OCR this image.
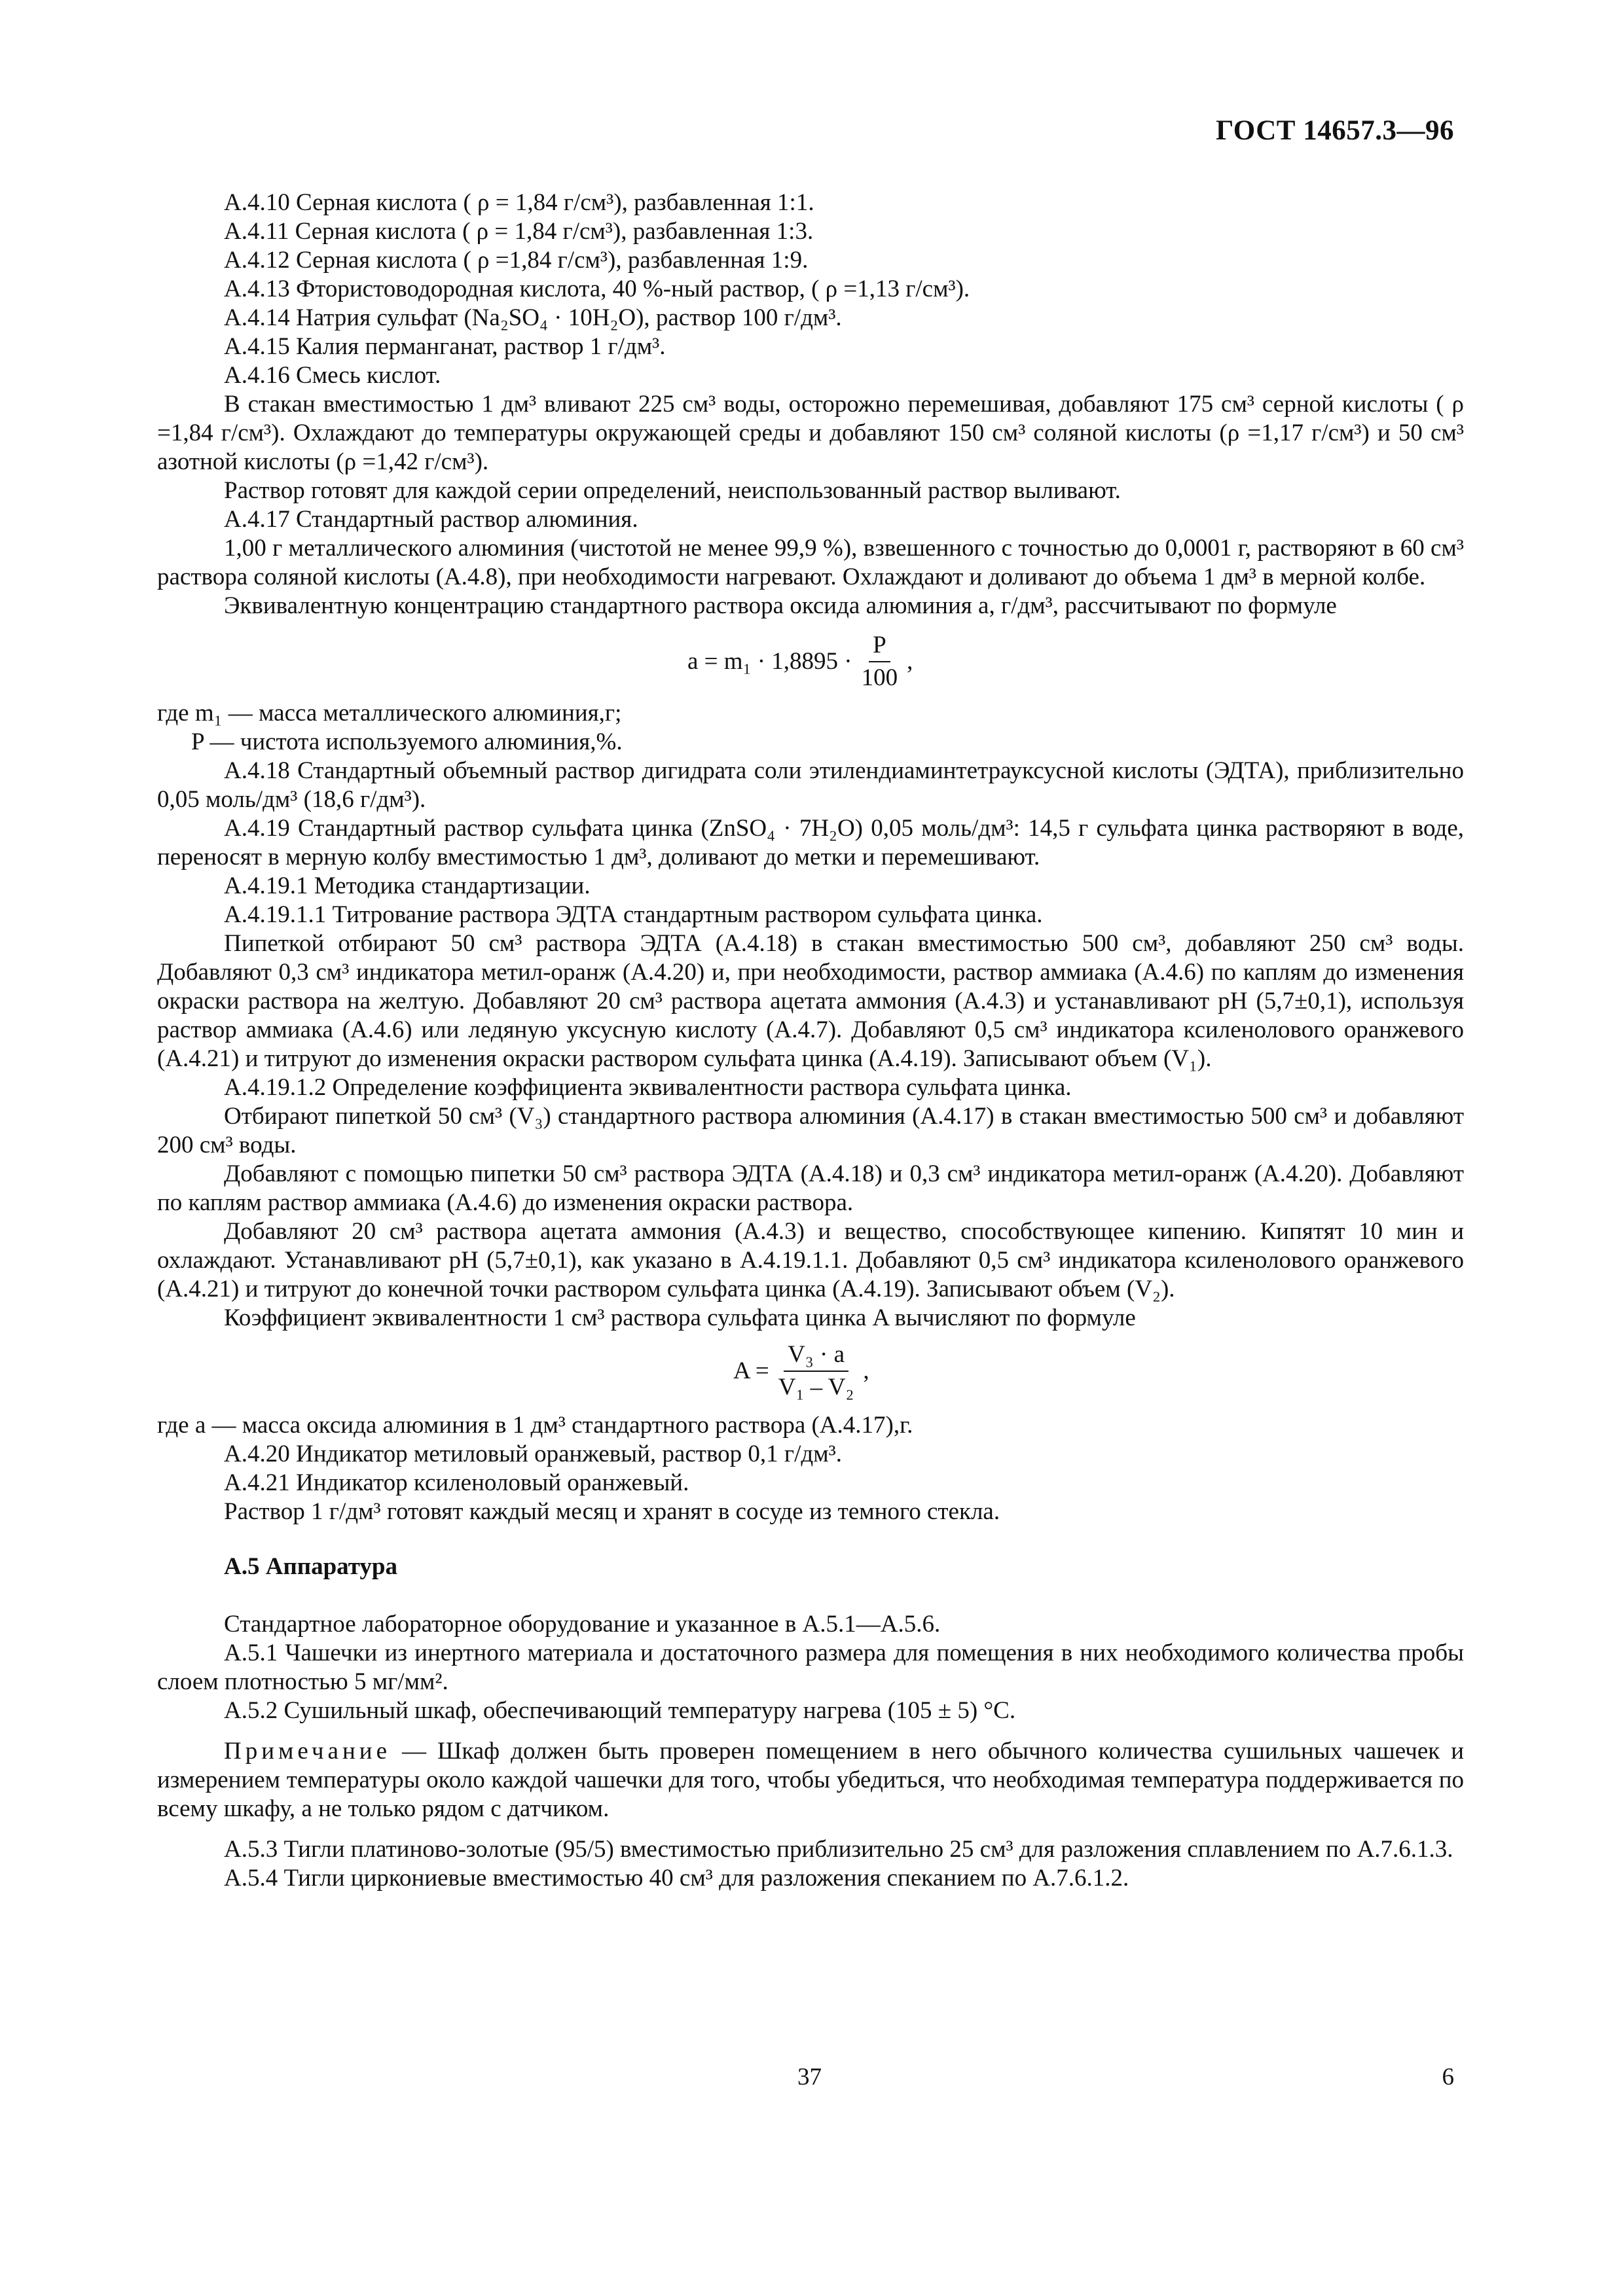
ГОСТ 14657.3—96
А.4.10 Серная кислота ( ρ = 1,84 г/см³), разбавленная 1:1.
А.4.11 Серная кислота ( ρ = 1,84 г/см³), разбавленная 1:3.
А.4.12 Серная кислота ( ρ =1,84 г/см³), разбавленная 1:9.
А.4.13 Фтористоводородная кислота, 40 %-ный раствор, ( ρ =1,13 г/см³).
А.4.14 Натрия сульфат (Na₂SO₄ · 10H₂O), раствор 100 г/дм³.
А.4.15 Калия перманганат, раствор 1 г/дм³.
А.4.16 Смесь кислот.
В стакан вместимостью 1 дм³ вливают 225 см³ воды, осторожно перемешивая, добавляют 175 см³ серной кислоты ( ρ =1,84 г/см³). Охлаждают до температуры окружающей среды и добавляют 150 см³ соляной кислоты (ρ =1,17 г/см³) и 50 см³ азотной кислоты (ρ =1,42 г/см³).
Раствор готовят для каждой серии определений, неиспользованный раствор выливают.
А.4.17 Стандартный раствор алюминия.
1,00 г металлического алюминия (чистотой не менее 99,9 %), взвешенного с точностью до 0,0001 г, растворяют в 60 см³ раствора соляной кислоты (А.4.8), при необходимости нагревают. Охлаждают и доливают до объема 1 дм³ в мерной колбе.
Эквивалентную концентрацию стандартного раствора оксида алюминия a, г/дм³, рассчитывают по формуле
$a = m_1 \cdot 1,8895 \cdot \frac{P}{100}$ ,
где m₁ — масса металлического алюминия,г;
P — чистота используемого алюминия,%.
А.4.18 Стандартный объемный раствор дигидрата соли этилендиаминтетрауксусной кислоты (ЭДТА), приблизительно 0,05 моль/дм³ (18,6 г/дм³).
А.4.19 Стандартный раствор сульфата цинка (ZnSO₄ · 7H₂O) 0,05 моль/дм³: 14,5 г сульфата цинка растворяют в воде, переносят в мерную колбу вместимостью 1 дм³, доливают до метки и перемешивают.
А.4.19.1 Методика стандартизации.
А.4.19.1.1 Титрование раствора ЭДТА стандартным раствором сульфата цинка.
Пипеткой отбирают 50 см³ раствора ЭДТА (А.4.18) в стакан вместимостью 500 см³, добавляют 250 см³ воды. Добавляют 0,3 см³ индикатора метил-оранж (А.4.20) и, при необходимости, раствор аммиака (А.4.6) по каплям до изменения окраски раствора на желтую. Добавляют 20 см³ раствора ацетата аммония (А.4.3) и устанавливают pH (5,7±0,1), используя раствор аммиака (А.4.6) или ледяную уксусную кислоту (А.4.7). Добавляют 0,5 см³ индикатора ксиленолового оранжевого (А.4.21) и титруют до изменения окраски раствором сульфата цинка (А.4.19). Записывают объем (V₁).
А.4.19.1.2 Определение коэффициента эквивалентности раствора сульфата цинка.
Отбирают пипеткой 50 см³ (V₃) стандартного раствора алюминия (А.4.17) в стакан вместимостью 500 см³ и добавляют 200 см³ воды.
Добавляют с помощью пипетки 50 см³ раствора ЭДТА (А.4.18) и 0,3 см³ индикатора метил-оранж (А.4.20). Добавляют по каплям раствор аммиака (А.4.6) до изменения окраски раствора.
Добавляют 20 см³ раствора ацетата аммония (А.4.3) и вещество, способствующее кипению. Кипятят 10 мин и охлаждают. Устанавливают pH (5,7±0,1), как указано в А.4.19.1.1. Добавляют 0,5 см³ индикатора ксиленолового оранжевого (А.4.21) и титруют до конечной точки раствором сульфата цинка (А.4.19). Записывают объем (V₂).
Коэффициент эквивалентности 1 см³ раствора сульфата цинка A вычисляют по формуле
$A = \frac{\text{V₃ · a}}{\text{V₁ – V₂}}$ ,
где a — масса оксида алюминия в 1 дм³ стандартного раствора (А.4.17),г.
А.4.20 Индикатор метиловый оранжевый, раствор 0,1 г/дм³.
А.4.21 Индикатор ксиленоловый оранжевый.
Раствор 1 г/дм³ готовят каждый месяц и хранят в сосуде из темного стекла.
А.5 Аппаратура
Стандартное лабораторное оборудование и указанное в А.5.1—А.5.6.
А.5.1 Чашечки из инертного материала и достаточного размера для помещения в них необходимого количества пробы слоем плотностью 5 мг/мм².
А.5.2 Сушильный шкаф, обеспечивающий температуру нагрева (105 ± 5) °С.
Примечание — Шкаф должен быть проверен помещением в него обычного количества сушильных чашечек и измерением температуры около каждой чашечки для того, чтобы убедиться, что необходимая температура поддерживается по всему шкафу, а не только рядом с датчиком.
А.5.3 Тигли платиново-золотые (95/5) вместимостью приблизительно 25 см³ для разложения сплавлением по А.7.6.1.3.
А.5.4 Тигли циркониевые вместимостью 40 см³ для разложения спеканием по А.7.6.1.2.
37	6
